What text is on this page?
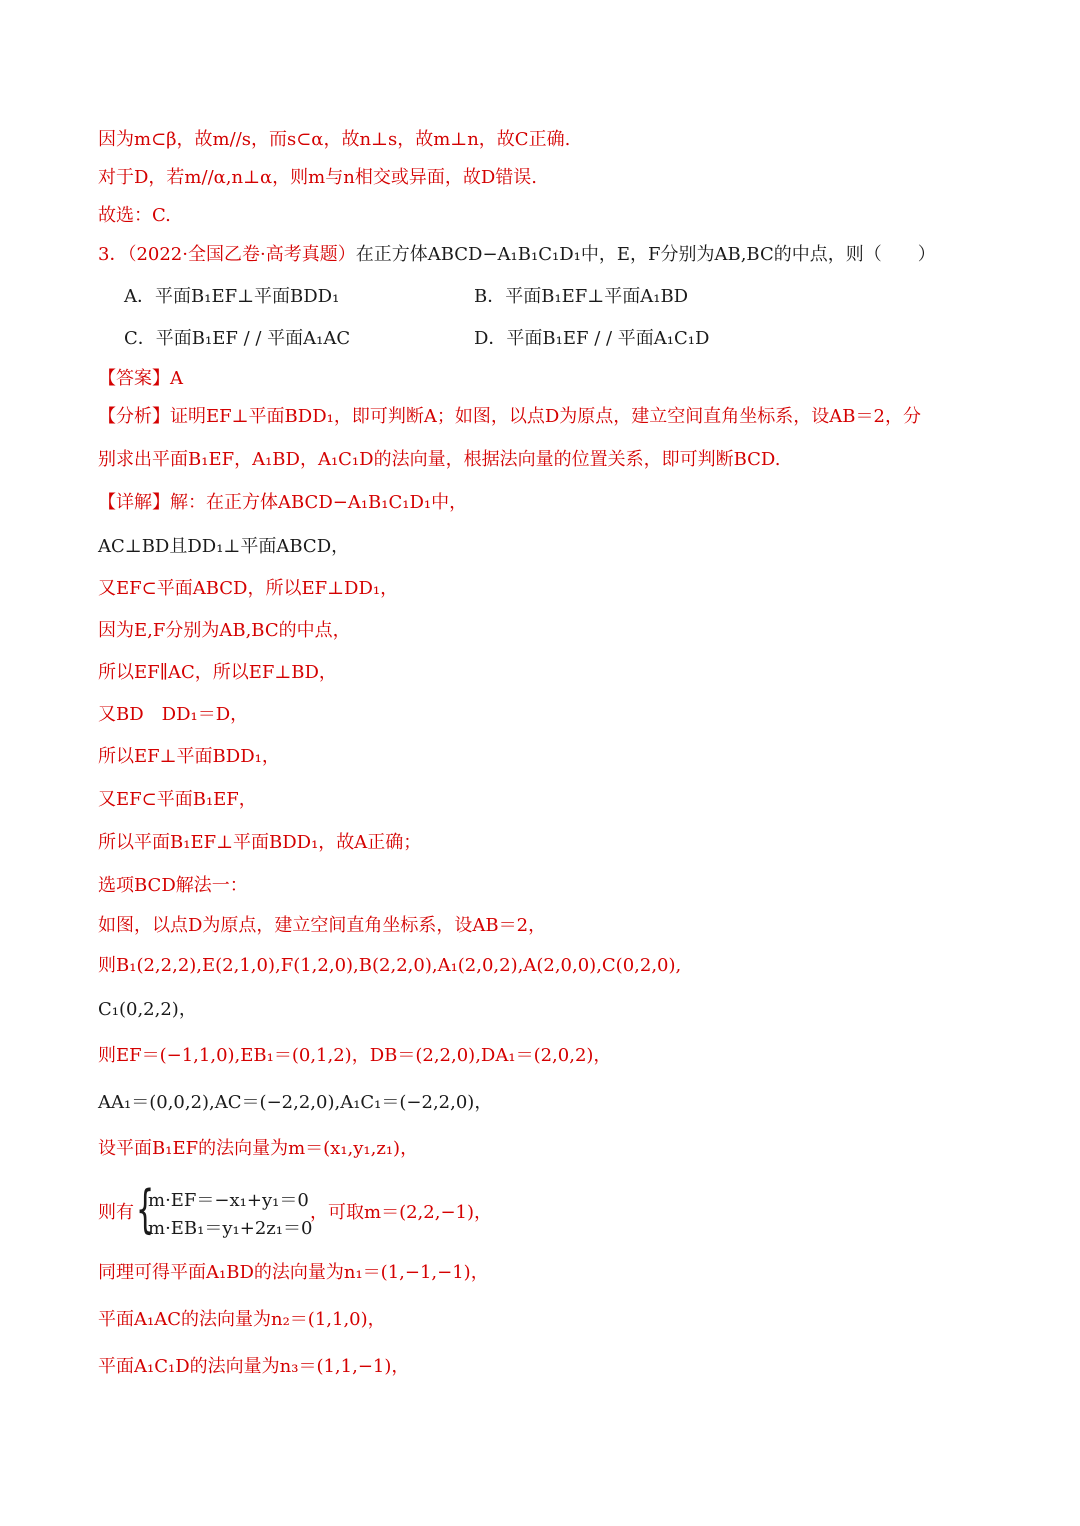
因为m⊂β，故m//s，而s⊂α，故n⊥s，故m⊥n，故C正确.
对于D，若m//α,n⊥α，则m与n相交或异面，故D错误.
故选：C.
3．（2022·全国乙卷·高考真题）在正方体ABCD−A₁B₁C₁D₁中，E，F分别为AB,BC的中点，则（　　）
A．平面B₁EF⊥平面BDD₁	B．平面B₁EF⊥平面A₁BD
C．平面B₁EF / / 平面A₁AC	D．平面B₁EF / / 平面A₁C₁D
【答案】A
【分析】证明EF⊥平面BDD₁，即可判断A；如图，以点D为原点，建立空间直角坐标系，设AB＝2，分
别求出平面B₁EF，A₁BD，A₁C₁D的法向量，根据法向量的位置关系，即可判断BCD.
【详解】解：在正方体ABCD−A₁B₁C₁D₁中，
AC⊥BD且DD₁⊥平面ABCD，
又EF⊂平面ABCD，所以EF⊥DD₁，
因为E,F分别为AB,BC的中点，
所以EF∥AC，所以EF⊥BD，
又BD　DD₁＝D，
所以EF⊥平面BDD₁，
又EF⊂平面B₁EF，
所以平面B₁EF⊥平面BDD₁，故A正确；
选项BCD解法一：
如图，以点D为原点，建立空间直角坐标系，设AB＝2，
则B₁(2,2,2),E(2,1,0),F(1,2,0),B(2,2,0),A₁(2,0,2),A(2,0,0),C(0,2,0),
C₁(0,2,2)，
则EF＝(−1,1,0),EB₁＝(0,1,2)，DB＝(2,2,0),DA₁＝(2,0,2)，
AA₁＝(0,0,2),AC＝(−2,2,0),A₁C₁＝(−2,2,0)，
设平面B₁EF的法向量为m＝(x₁,y₁,z₁)，
则有 {
m·EF＝−x₁+y₁＝0
m·EB₁＝y₁+2z₁＝0
，可取m＝(2,2,−1)，
同理可得平面A₁BD的法向量为n₁＝(1,−1,−1)，
平面A₁AC的法向量为n₂＝(1,1,0)，
平面A₁C₁D的法向量为n₃＝(1,1,−1)，
